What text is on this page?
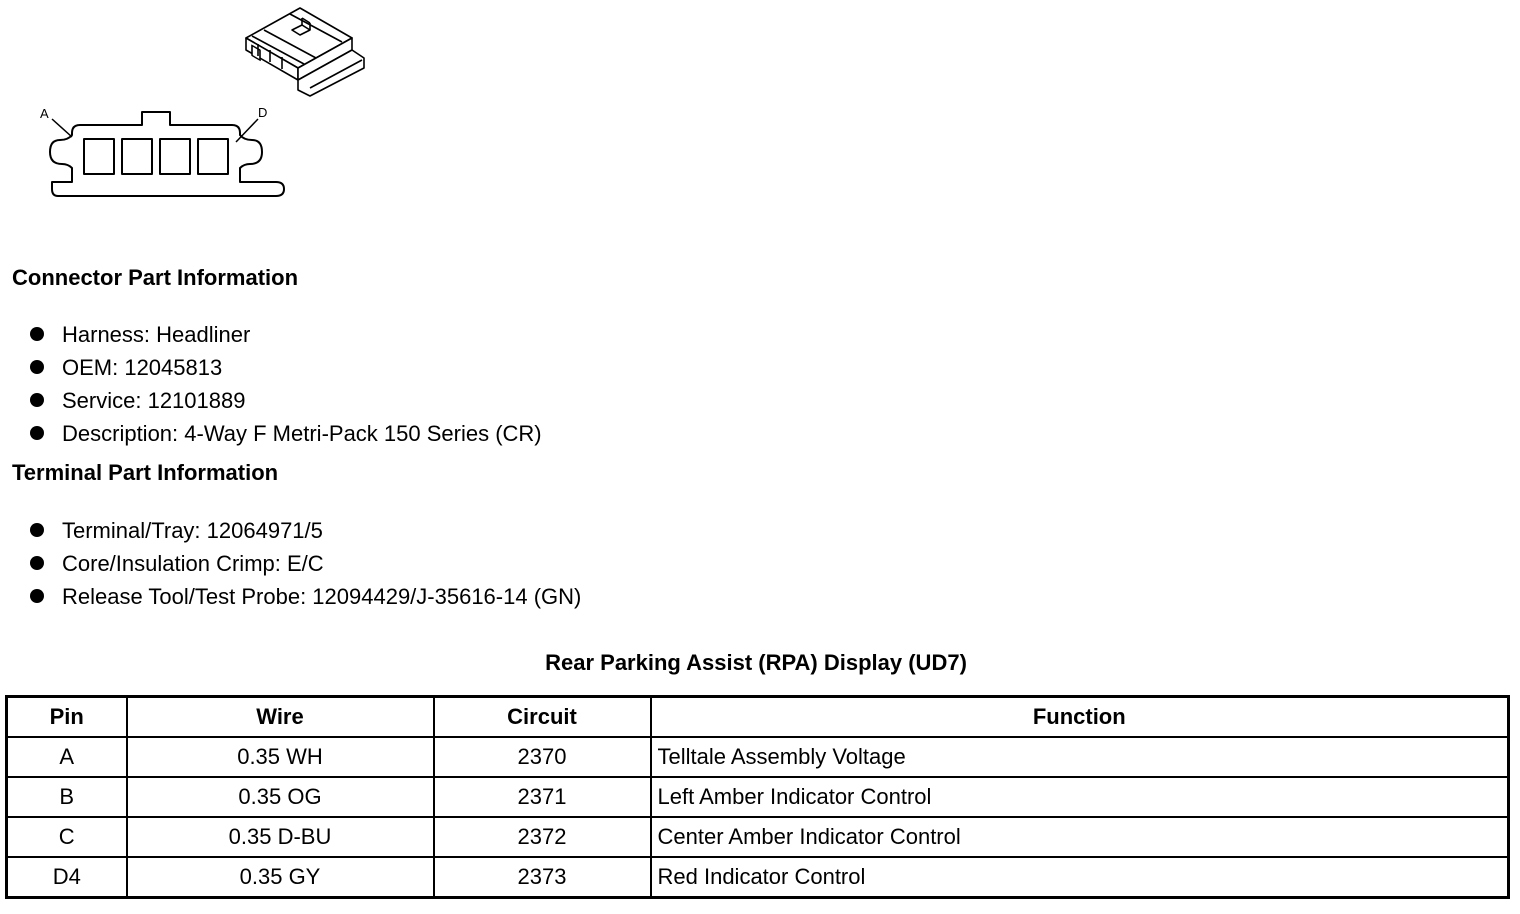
A	D
Connector Part Information
Harness: Headliner
OEM: 12045813
Service: 12101889
Description: 4-Way F Metri-Pack 150 Series (CR)
Terminal Part Information
Terminal/Tray: 12064971/5
Core/Insulation Crimp: E/C
Release Tool/Test Probe: 12094429/J-35616-14 (GN)
Rear Parking Assist (RPA) Display (UD7)
Pin	Wire	Circuit	Function
A	0.35 WH	2370	Telltale Assembly Voltage
B	0.35 OG	2371	Left Amber Indicator Control
C	0.35 D-BU	2372	Center Amber Indicator Control
D4	0.35 GY	2373	Red Indicator Control
